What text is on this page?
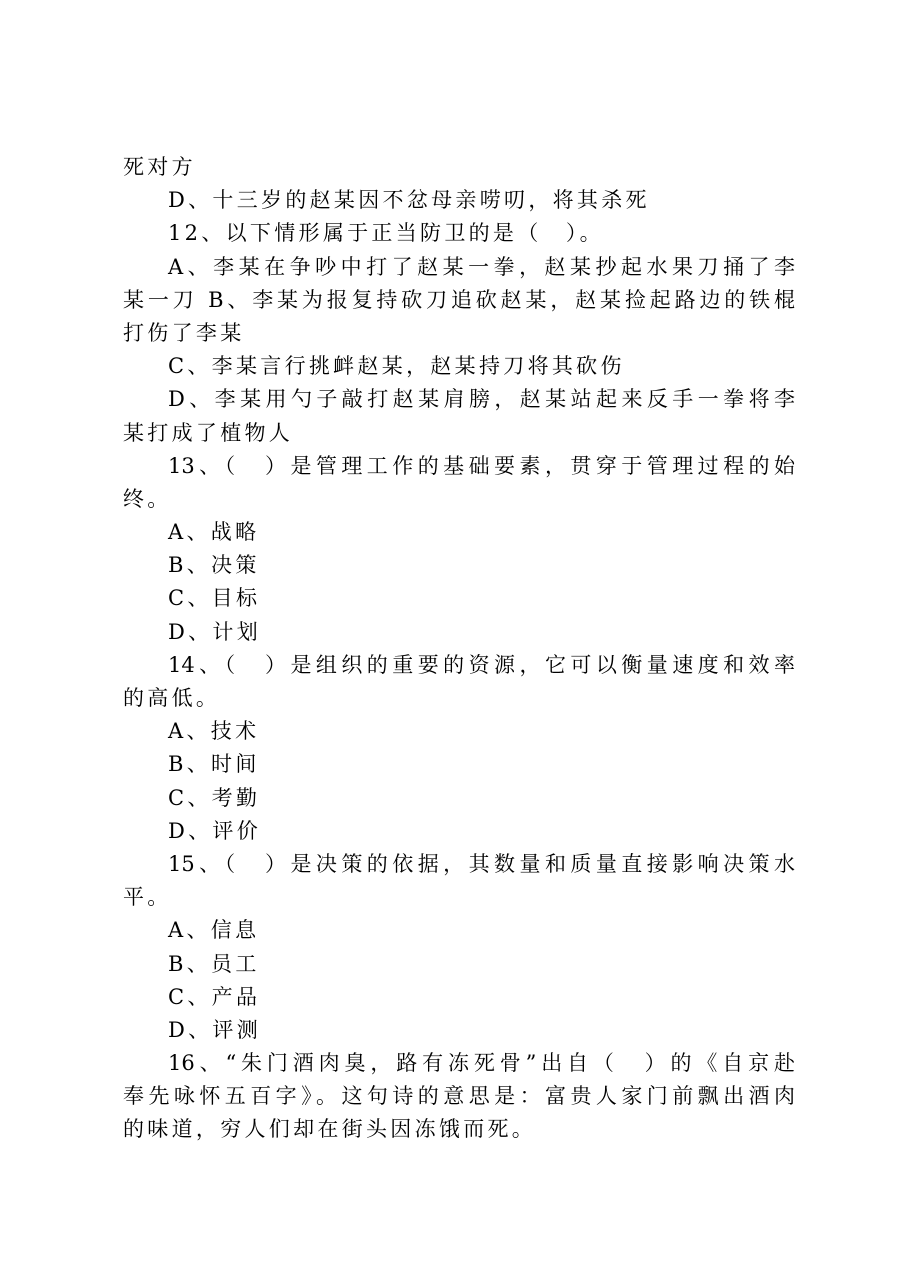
死对方
D、十三岁的赵某因不忿母亲唠叨，将其杀死
12、以下情形属于正当防卫的是（　）。
A、李某在争吵中打了赵某一拳，赵某抄起水果刀捅了李
某一刀 B、李某为报复持砍刀追砍赵某，赵某捡起路边的铁棍
打伤了李某
C、李某言行挑衅赵某，赵某持刀将其砍伤
D、李某用勺子敲打赵某肩膀，赵某站起来反手一拳将李
某打成了植物人
13、（　）是管理工作的基础要素，贯穿于管理过程的始
终。
A、战略
B、决策
C、目标
D、计划
14、（　）是组织的重要的资源，它可以衡量速度和效率
的高低。
A、技术
B、时间
C、考勤
D、评价
15、（　）是决策的依据，其数量和质量直接影响决策水
平。
A、信息
B、员工
C、产品
D、评测
16、“朱门酒肉臭，路有冻死骨”出自（　）的《自京赴
奉先咏怀五百字》。这句诗的意思是：富贵人家门前飘出酒肉
的味道，穷人们却在街头因冻饿而死。
